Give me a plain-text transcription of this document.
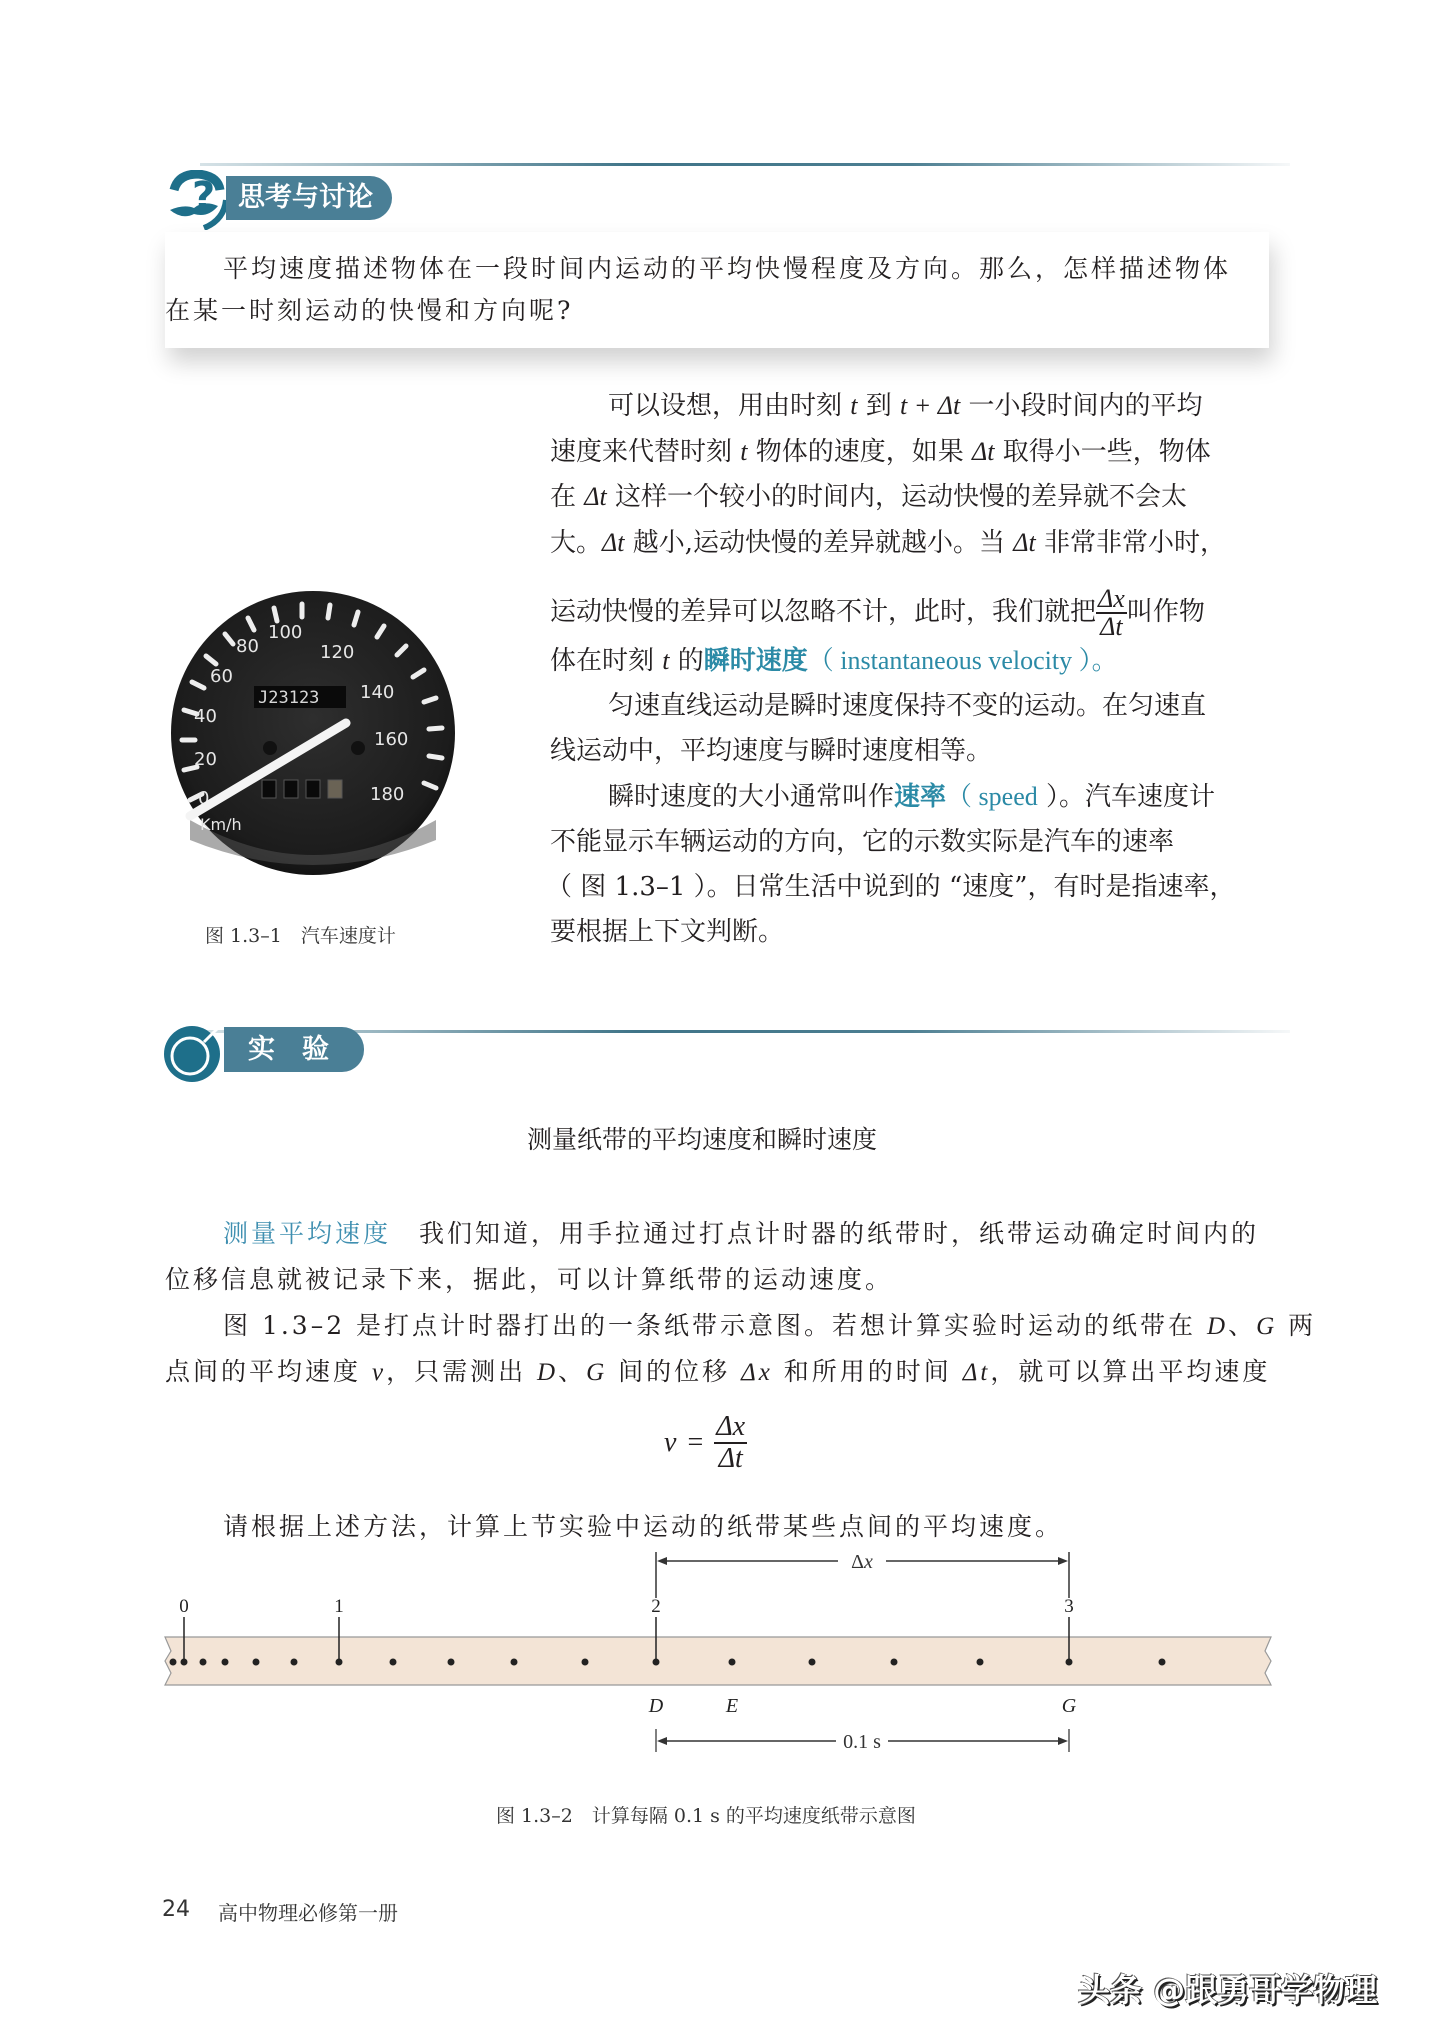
? 思考与讨论
平均速度描述物体在一段时间内运动的平均快慢程度及方向。那么，怎样描述物体
在某一时刻运动的快慢和方向呢?
0
20
40
60
80
100
120
140
160
180
Km/h
J23123
图 1.3–1　汽车速度计
可以设想，用由时刻 t 到 t + Δt 一小段时间内的平均
速度来代替时刻 t 物体的速度，如果 Δt 取得小一些，物体
在 Δt 这样一个较小的时间内，运动快慢的差异就不会太
大。Δt 越小,运动快慢的差异就越小。当 Δt 非常非常小时，
运动快慢的差异可以忽略不计，此时，我们就把 $\frac{\Delta x}{\Delta t}$ 叫作物
体在时刻 t 的瞬时速度（ instantaneous velocity ）。
匀速直线运动是瞬时速度保持不变的运动。在匀速直
线运动中，平均速度与瞬时速度相等。
瞬时速度的大小通常叫作速率（ speed ）。汽车速度计
不能显示车辆运动的方向，它的示数实际是汽车的速率
（ 图 1.3–1 ）。日常生活中说到的 “速度”，有时是指速率，
要根据上下文判断。
实　验
测量纸带的平均速度和瞬时速度
测量平均速度　我们知道，用手拉通过打点计时器的纸带时，纸带运动确定时间内的
位移信息就被记录下来，据此，可以计算纸带的运动速度。
图 1.3–2 是打点计时器打出的一条纸带示意图。若想计算实验时运动的纸带在 D、G 两
点间的平均速度 v，只需测出 D、G 间的位移 Δx 和所用的时间 Δt，就可以算出平均速度
$v = \frac{\Delta x}{\Delta t}$
请根据上述方法，计算上节实验中运动的纸带某些点间的平均速度。
Δx
0	1	2	3
D	E	G
0.1 s
图 1.3–2　计算每隔 0.1 s 的平均速度纸带示意图
24 高中物理必修第一册
头条 @跟勇哥学物理
